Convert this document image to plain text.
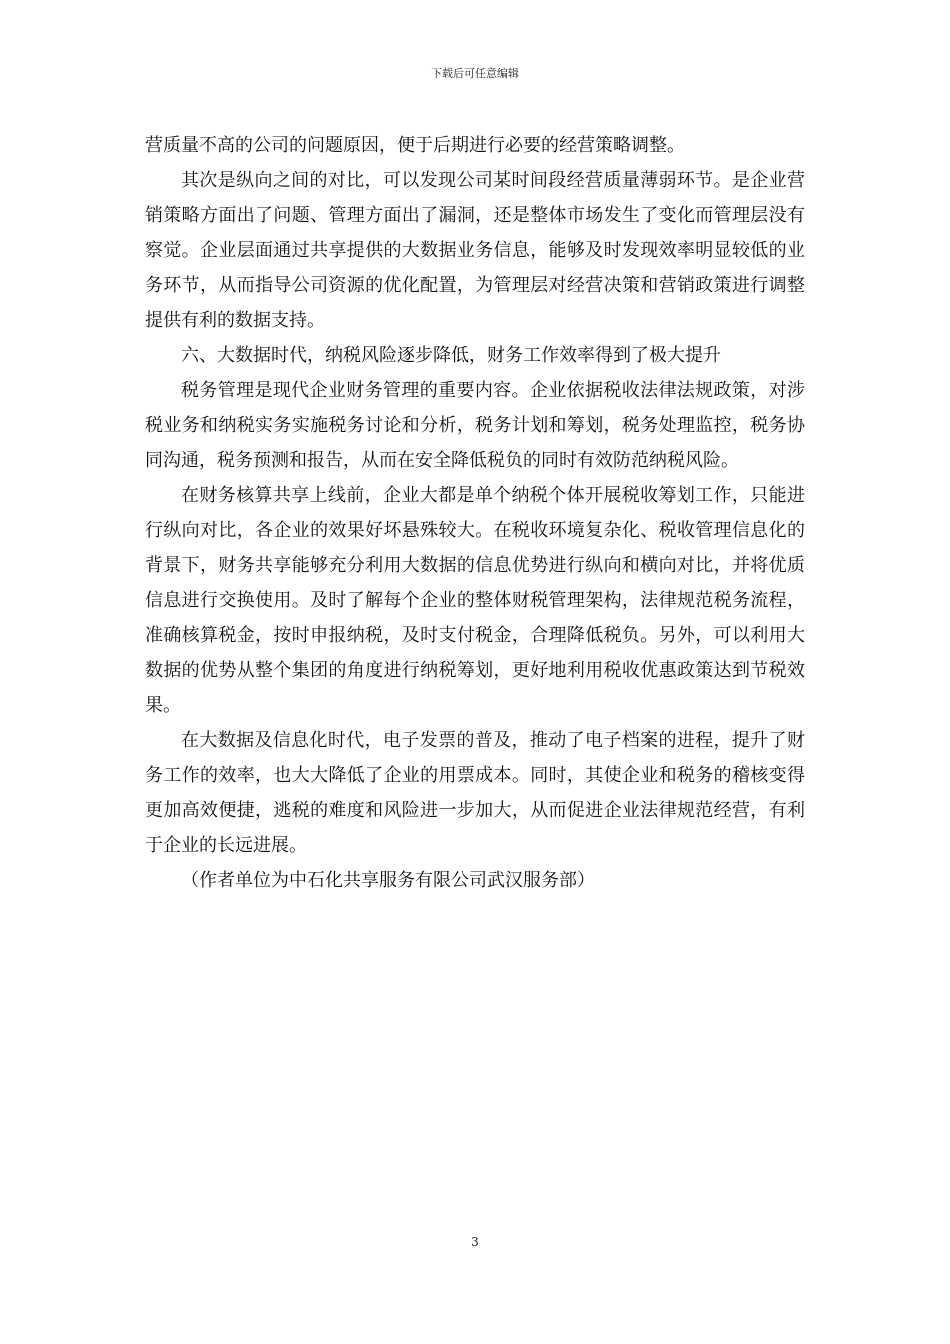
下载后可任意编辑

营质量不高的公司的问题原因，便于后期进行必要的经营策略调整。

其次是纵向之间的对比，可以发现公司某时间段经营质量薄弱环节。是企业营销策略方面出了问题、管理方面出了漏洞，还是整体市场发生了变化而管理层没有察觉。企业层面通过共享提供的大数据业务信息，能够及时发现效率明显较低的业务环节，从而指导公司资源的优化配置，为管理层对经营决策和营销政策进行调整提供有利的数据支持。

六、大数据时代，纳税风险逐步降低，财务工作效率得到了极大提升

税务管理是现代企业财务管理的重要内容。企业依据税收法律法规政策，对涉税业务和纳税实务实施税务讨论和分析，税务计划和筹划，税务处理监控，税务协同沟通，税务预测和报告，从而在安全降低税负的同时有效防范纳税风险。

在财务核算共享上线前，企业大都是单个纳税个体开展税收筹划工作，只能进行纵向对比，各企业的效果好坏悬殊较大。在税收环境复杂化、税收管理信息化的背景下，财务共享能够充分利用大数据的信息优势进行纵向和横向对比，并将优质信息进行交换使用。及时了解每个企业的整体财税管理架构，法律规范税务流程，准确核算税金，按时申报纳税，及时支付税金，合理降低税负。另外，可以利用大数据的优势从整个集团的角度进行纳税筹划，更好地利用税收优惠政策达到节税效果。

在大数据及信息化时代，电子发票的普及，推动了电子档案的进程，提升了财务工作的效率，也大大降低了企业的用票成本。同时，其使企业和税务的稽核变得更加高效便捷，逃税的难度和风险进一步加大，从而促进企业法律规范经营，有利于企业的长远进展。

（作者单位为中石化共享服务有限公司武汉服务部）

3
